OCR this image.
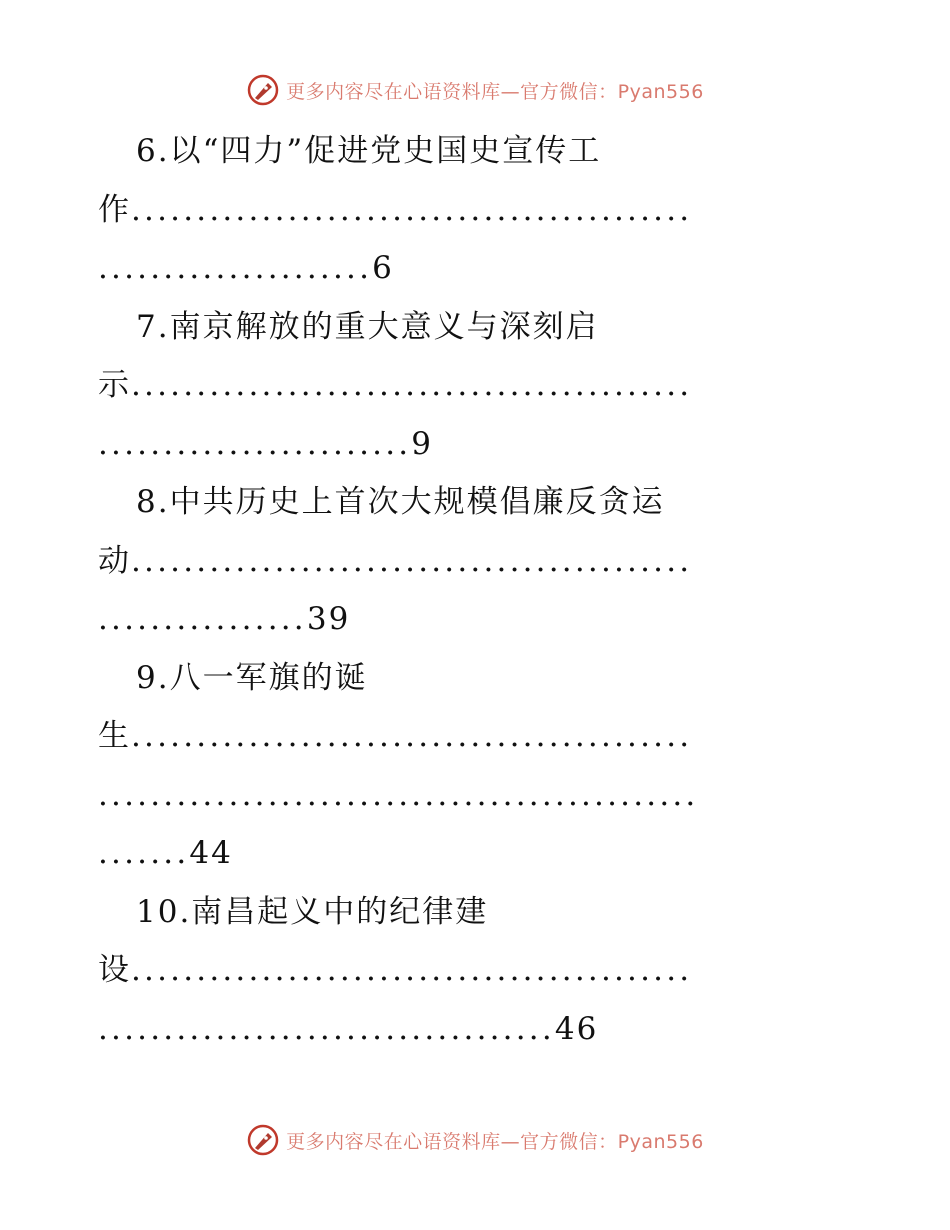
更多内容尽在心语资料库—官方微信：Pyan556
6.以“四力”促进党史国史宣传工
作...........................................
.....................6
7.南京解放的重大意义与深刻启
示...........................................
........................9
8.中共历史上首次大规模倡廉反贪运
动...........................................
................39
9.八一军旗的诞
生...........................................
..............................................
.......44
10.南昌起义中的纪律建
设...........................................
...................................46
更多内容尽在心语资料库—官方微信：Pyan556
